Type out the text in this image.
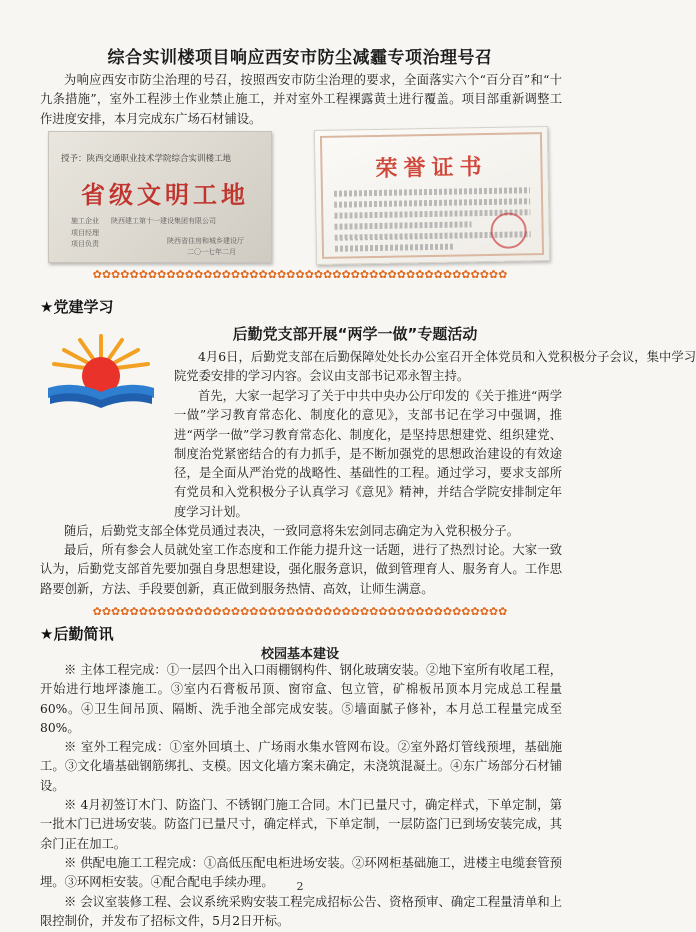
综合实训楼项目响应西安市防尘减霾专项治理号召

为响应西安市防尘治理的号召，按照西安市防尘治理的要求，全面落实六个“百分百”和“十九条措施”，室外工程涉土作业禁止施工，并对室外工程裸露黄土进行覆盖。项目部重新调整工作进度安排，本月完成东广场石材铺设。

授予：陕西交通职业技术学院综合实训楼工地
省级文明工地
施工企业 陕西建工第十一建设集团有限公司
项目经理
项目负责	陕西省住房和城乡建设厅
二〇一七年二月
荣誉证书
✿✿✿✿✿✿✿✿✿✿✿✿✿✿✿✿✿✿✿✿✿✿✿✿✿✿✿✿✿✿✿✿✿✿✿✿✿✿✿✿✿✿✿✿✿
★党建学习
后勤党支部开展“两学一做”专题活动

4月6日，后勤党支部在后勤保障处处长办公室召开全体党员和入党积极分子会议，集中学习院党委安排的学习内容。会议由支部书记邓永智主持。

首先，大家一起学习了关于中共中央办公厅印发的《关于推进“两学一做”学习教育常态化、制度化的意见》，支部书记在学习中强调，推进“两学一做”学习教育常态化、制度化，是坚持思想建党、组织建党、制度治党紧密结合的有力抓手，是不断加强党的思想政治建设的有效途径，是全面从严治党的战略性、基础性的工程。通过学习，要求支部所有党员和入党积极分子认真学习《意见》精神，并结合学院安排制定年度学习计划。

随后，后勤党支部全体党员通过表决，一致同意将朱宏剑同志确定为入党积极分子。

最后，所有参会人员就处室工作态度和工作能力提升这一话题，进行了热烈讨论。大家一致认为，后勤党支部首先要加强自身思想建设，强化服务意识，做到管理育人、服务育人。工作思路要创新，方法、手段要创新，真正做到服务热情、高效，让师生满意。

✿✿✿✿✿✿✿✿✿✿✿✿✿✿✿✿✿✿✿✿✿✿✿✿✿✿✿✿✿✿✿✿✿✿✿✿✿✿✿✿✿✿✿✿✿
★后勤简讯
校园基本建设

※ 主体工程完成：①一层四个出入口雨棚钢构件、钢化玻璃安装。②地下室所有收尾工程，开始进行地坪漆施工。③室内石膏板吊顶、窗帘盒、包立管，矿棉板吊顶本月完成总工程量 60%。④卫生间吊顶、隔断、洗手池全部完成安装。⑤墙面腻子修补，本月总工程量完成至 80%。

※ 室外工程完成：①室外回填土、广场雨水集水管网布设。②室外路灯管线预埋，基础施工。③文化墙基础钢筋绑扎、支模。因文化墙方案未确定，未浇筑混凝土。④东广场部分石材铺设。

※ 4月初签订木门、防盗门、不锈钢门施工合同。木门已量尺寸，确定样式，下单定制，第一批木门已进场安装。防盗门已量尺寸，确定样式，下单定制，一层防盗门已到场安装完成，其余门正在加工。

※ 供配电施工工程完成：①高低压配电柜进场安装。②环网柜基础施工，进楼主电缆套管预埋。③环网柜安装。④配合配电手续办理。

※ 会议室装修工程、会议系统采购安装工程完成招标公告、资格预审、确定工程量清单和上限控制价，并发布了招标文件，5月2日开标。

2
